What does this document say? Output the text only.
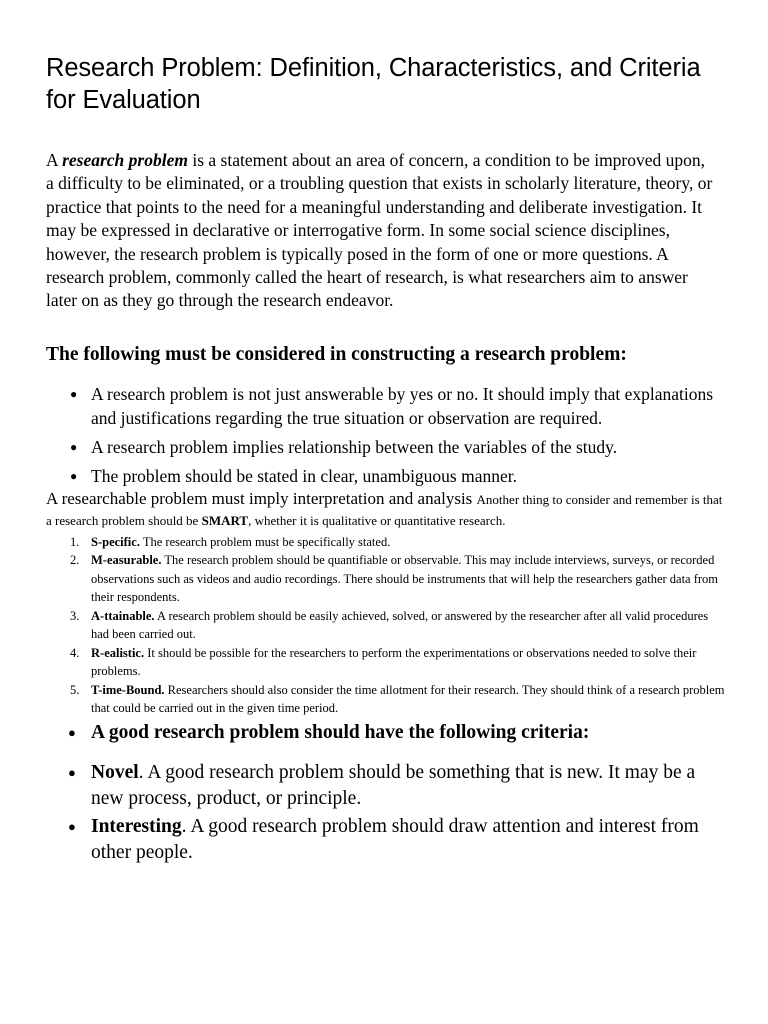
Research Problem: Definition, Characteristics, and Criteria for Evaluation

A research problem is a statement about an area of concern, a condition to be improved upon, a difficulty to be eliminated, or a troubling question that exists in scholarly literature, theory, or practice that points to the need for a meaningful understanding and deliberate investigation. It may be expressed in declarative or interrogative form. In some social science disciplines, however, the research problem is typically posed in the form of one or more questions. A research problem, commonly called the heart of research, is what researchers aim to answer later on as they go through the research endeavor.

The following must be considered in constructing a research problem:
● A research problem is not just answerable by yes or no. It should imply that explanations and justifications regarding the true situation or observation are required.
● A research problem implies relationship between the variables of the study.
● The problem should be stated in clear, unambiguous manner.

A researchable problem must imply interpretation and analysis Another thing to consider and remember is that a research problem should be SMART, whether it is qualitative or quantitative research.

1. S-pecific. The research problem must be specifically stated.
2. M-easurable. The research problem should be quantifiable or observable. This may include interviews, surveys, or recorded observations such as videos and audio recordings. There should be instruments that will help the researchers gather data from their respondents.
3. A-ttainable. A research problem should be easily achieved, solved, or answered by the researcher after all valid procedures had been carried out.
4. R-ealistic. It should be possible for the researchers to perform the experimentations or observations needed to solve their problems.
5. T-ime-Bound. Researchers should also consider the time allotment for their research. They should think of a research problem that could be carried out in the given time period.
● A good research problem should have the following criteria:
● Novel. A good research problem should be something that is new. It may be a new process, product, or principle.
● Interesting. A good research problem should draw attention and interest from other people.
